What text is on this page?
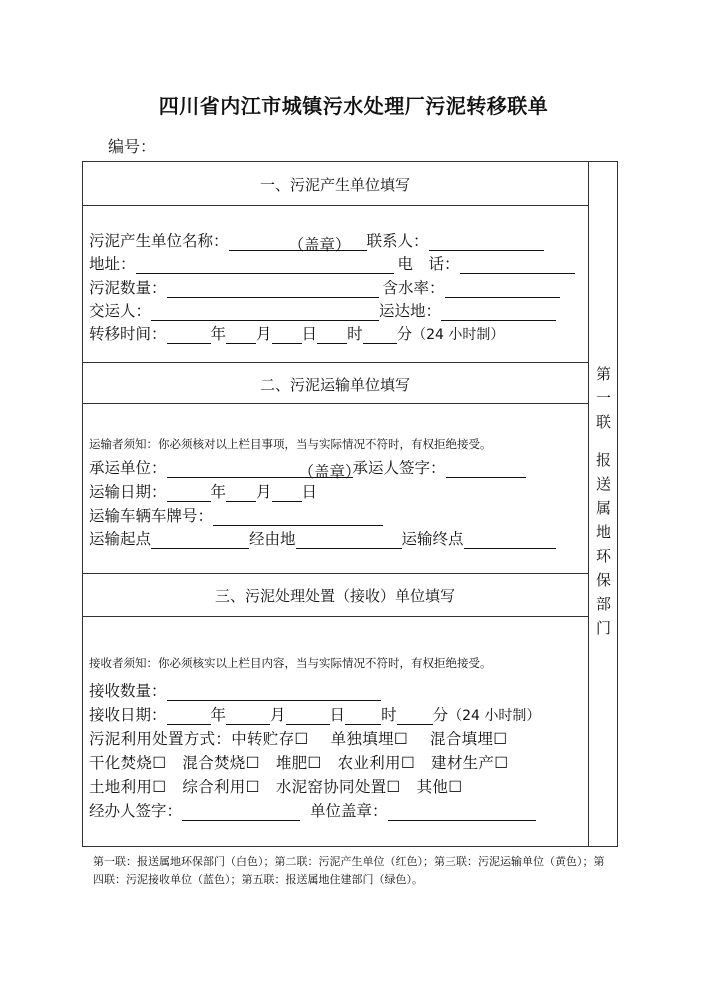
四川省内江市城镇污水处理厂污泥转移联单
编号：
一、污泥产生单位填写
污泥产生单位名称：	（盖章） 联系人：
地址：	电　话：
污泥数量：	含水率：
交运人：	运达地：
转移时间：	年 月 日 时 分（24 小时制）
二、污泥运输单位填写
运输者须知：你必须核对以上栏目事项，当与实际情况不符时，有权拒绝接受。
承运单位：	（盖章）承运人签字：
运输日期：	年 月 日
运输车辆车牌号：
运输起点	经由地	运输终点
三、污泥处理处置（接收）单位填写
接收者须知：你必须核实以上栏目内容，当与实际情况不符时，有权拒绝接受。
接收数量：
接收日期：	年	月	日 时 分（24 小时制）
污泥利用处置方式：中转贮存☐ 单独填埋☐ 混合填埋☐
干化焚烧☐ 混合焚烧☐ 堆肥☐ 农业利用☐ 建材生产☐
土地利用☐ 综合利用☐ 水泥窑协同处置☐ 其他☐
经办人签字：	单位盖章：
第
一
联
报
送
属
地
环
保
部
门
第一联：报送属地环保部门（白色）；第二联：污泥产生单位（红色）；第三联：污泥运输单位（黄色）；第四联：污泥接收单位（蓝色）；第五联：报送属地住建部门（绿色）。
